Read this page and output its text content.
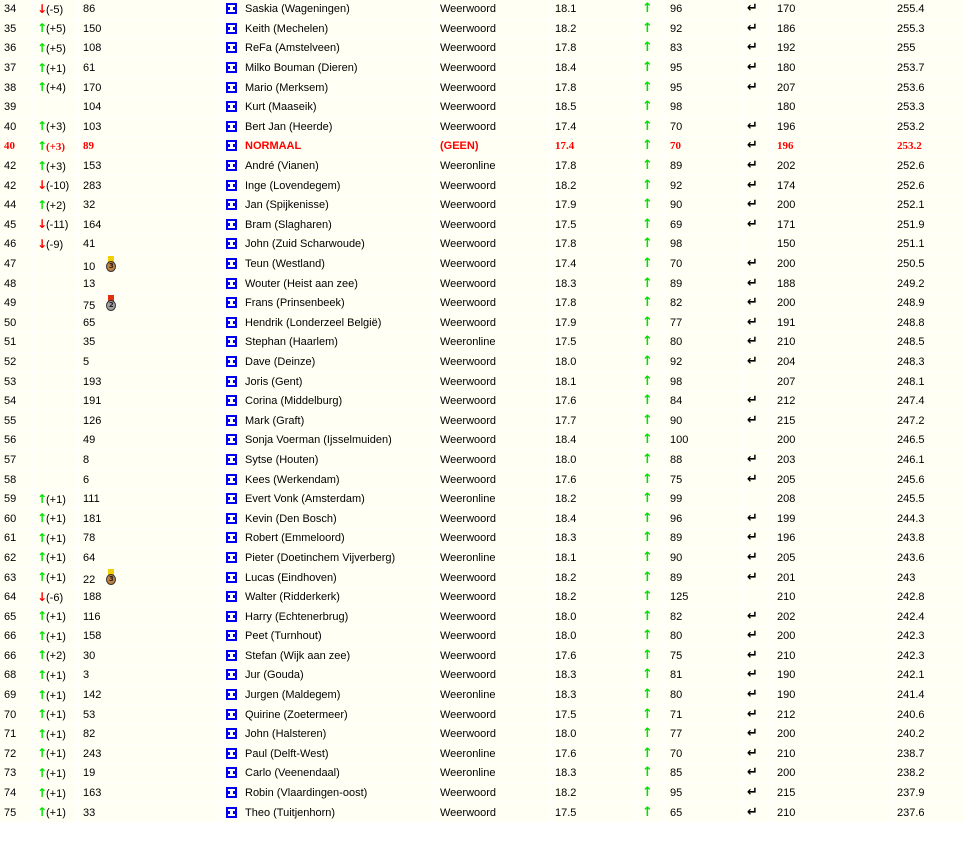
34	↓(-5)	86	Saskia (Wageningen)	Weerwoord	18.1	↑	96	↵	170	255.4	
35	↑(+5)	150	Keith (Mechelen)	Weerwoord	18.2	↑	92	↵	186	255.3	
36	↑(+5)	108	ReFa (Amstelveen)	Weerwoord	17.8	↑	83	↵	192	255	
37	↑(+1)	61	Milko Bouman (Dieren)	Weerwoord	18.4	↑	95	↵	180	253.7	
38	↑(+4)	170	Mario (Merksem)	Weerwoord	17.8	↑	95	↵	207	253.6	
39		104	Kurt (Maaseik)	Weerwoord	18.5	↑	98		180	253.3	
40	↑(+3)	103	Bert Jan (Heerde)	Weerwoord	17.4	↑	70	↵	196	253.2	
40	↑(+3)	89	NORMAAL	(GEEN)	17.4	↑	70	↵	196	253.2	
42	↑(+3)	153	André (Vianen)	Weeronline	17.8	↑	89	↵	202	252.6	
42	↓(-10)	283	Inge (Lovendegem)	Weerwoord	18.2	↑	92	↵	174	252.6	
44	↑(+2)	32	Jan (Spijkenisse)	Weerwoord	17.9	↑	90	↵	200	252.1	
45	↓(-11)	164	Bram (Slagharen)	Weerwoord	17.5	↑	69	↵	171	251.9	
46	↓(-9)	41	John (Zuid Scharwoude)	Weerwoord	17.8	↑	98		150	251.1	
47		10 3	Teun (Westland)	Weerwoord	17.4	↑	70	↵	200	250.5	
48		13	Wouter (Heist aan zee)	Weerwoord	18.3	↑	89	↵	188	249.2	
49		75 2	Frans (Prinsenbeek)	Weerwoord	17.8	↑	82	↵	200	248.9	
50		65	Hendrik (Londerzeel België)	Weerwoord	17.9	↑	77	↵	191	248.8	
51		35	Stephan (Haarlem)	Weeronline	17.5	↑	80	↵	210	248.5	
52		5	Dave (Deinze)	Weerwoord	18.0	↑	92	↵	204	248.3	
53		193	Joris (Gent)	Weerwoord	18.1	↑	98		207	248.1	
54		191	Corina (Middelburg)	Weerwoord	17.6	↑	84	↵	212	247.4	
55		126	Mark (Graft)	Weerwoord	17.7	↑	90	↵	215	247.2	
56		49	Sonja Voerman (Ijsselmuiden)	Weerwoord	18.4	↑	100		200	246.5	
57		8	Sytse (Houten)	Weerwoord	18.0	↑	88	↵	203	246.1	
58		6	Kees (Werkendam)	Weerwoord	17.6	↑	75	↵	205	245.6	
59	↑(+1)	111	Evert Vonk (Amsterdam)	Weeronline	18.2	↑	99		208	245.5	
60	↑(+1)	181	Kevin (Den Bosch)	Weerwoord	18.4	↑	96	↵	199	244.3	
61	↑(+1)	78	Robert (Emmeloord)	Weerwoord	18.3	↑	89	↵	196	243.8	
62	↑(+1)	64	Pieter (Doetinchem Vijverberg)	Weeronline	18.1	↑	90	↵	205	243.6	
63	↑(+1)	22 3	Lucas (Eindhoven)	Weerwoord	18.2	↑	89	↵	201	243	
64	↓(-6)	188	Walter (Ridderkerk)	Weerwoord	18.2	↑	125		210	242.8	
65	↑(+1)	116	Harry (Echtenerbrug)	Weerwoord	18.0	↑	82	↵	202	242.4	
66	↑(+1)	158	Peet (Turnhout)	Weerwoord	18.0	↑	80	↵	200	242.3	
66	↑(+2)	30	Stefan (Wijk aan zee)	Weerwoord	17.6	↑	75	↵	210	242.3	
68	↑(+1)	3	Jur (Gouda)	Weerwoord	18.3	↑	81	↵	190	242.1	
69	↑(+1)	142	Jurgen (Maldegem)	Weeronline	18.3	↑	80	↵	190	241.4	
70	↑(+1)	53	Quirine (Zoetermeer)	Weerwoord	17.5	↑	71	↵	212	240.6	
71	↑(+1)	82	John (Halsteren)	Weerwoord	18.0	↑	77	↵	200	240.2	
72	↑(+1)	243	Paul (Delft-West)	Weeronline	17.6	↑	70	↵	210	238.7	
73	↑(+1)	19	Carlo (Veenendaal)	Weeronline	18.3	↑	85	↵	200	238.2	
74	↑(+1)	163	Robin (Vlaardingen-oost)	Weerwoord	18.2	↑	95	↵	215	237.9	
75	↑(+1)	33	Theo (Tuitjenhorn)	Weerwoord	17.5	↑	65	↵	210	237.6	
